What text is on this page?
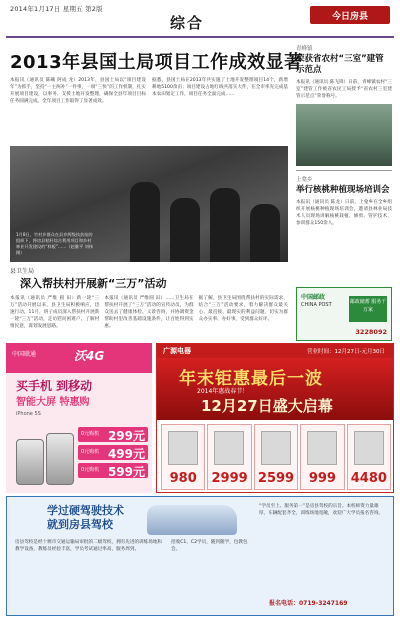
2014年1月17日 星期五 第2版
综合	今日房县
2013年县国土局项目工作成效显著
本报讯（通讯员 陈曦 阿成 龙）2013年，县国土局以“项目建设年”为抓手，坚持“一主两补”一件事，一项“三快”的工作机制，扎实开展项目建设，以事务、支援土地开发整理，确保全县年项目目标任务圆满完成。全年项目工作取得了显著成效。
据悉，县国土局在2013年共实施了土地开发整理项目14个，新增耕地5100余亩；项目建设占地红线共落实大件，在全市率先完成基本农田划定工作，项目任务全面完成……
1月8日，竹村乡群众在县乡两级扶贫站的组织下，将房县秸秆综合利用项目和乡村林业开发建设的“样板”……（赵雅平 刘伟 摄）
县卫生局
深入帮扶村开展新“三万”活动
本报讯（通讯员 严维 圆 田）新一轮“三万”活动开展以来，县卫生局积极响应，迅速行动，11月，班子成员深入帮扶村开展新一轮“三万”活动，走访慰问困难户、了解村情民意，谋划发展思路。
本报讯（通讯员 严维圆 田）……卫生局在帮扶村开展了“三万”活动的宣传动员，为群众送去了健康体检、义诊咨询，并协调资金帮助村里改善基础设施条件，让百姓得到实惠。
据了解，县卫生局围绕帮扶村的实际需求，结合“三万”活动要求，着力解决群众最关心、最直接、最现实的利益问题，切实为群众办实事、办好事，受到群众好评。
青峰镇
荣获省农村“三室”建管示范点
本报讯（通讯员 陈飞锋）日前，青峰镇农村“三室”建管工作被省农民工局授予“省农村三室建管示范点”荣誉称号。
上龛乡
举行核桃种植现场培训会
本报讯（通讯员 陈龙）日前，上龛乡在全乡组织开展核桃种植现场培训会，邀请县林业局技术人员现场讲解核桃栽植、修剪、管护技术，参训群众150余人。
中国邮政
CHINA POST	邮政储蓄 服务千万家
3228092
中国联通	沃4G
买手机 到移动
智能大屏 特惠购
iPhone 5S
0元购机 299元
0元购机 499元
0元购机 599元
广源电器	营业时间：12月27日-元月30日
年末钜惠最后一波
2014年惠战春节！
12月27日盛大启幕
980	2999 2599	999	4480
学过硬驾驶技术
就到房县驾校
房县驾校是经十堰市交通运输局审批的二级驾校，拥有先进的训练场地和教学设备，教练员经验丰富，学员考试通过率高，服务周到。
招收C1、C2学员，随到随学，包教包会。
“学员至上、服务第一”是房县驾校的宗旨。本校师资力量雄厚，车辆配套齐全，训练场地宽敞，欢迎广大学员报名咨询。
报名电话：0719-3247169
